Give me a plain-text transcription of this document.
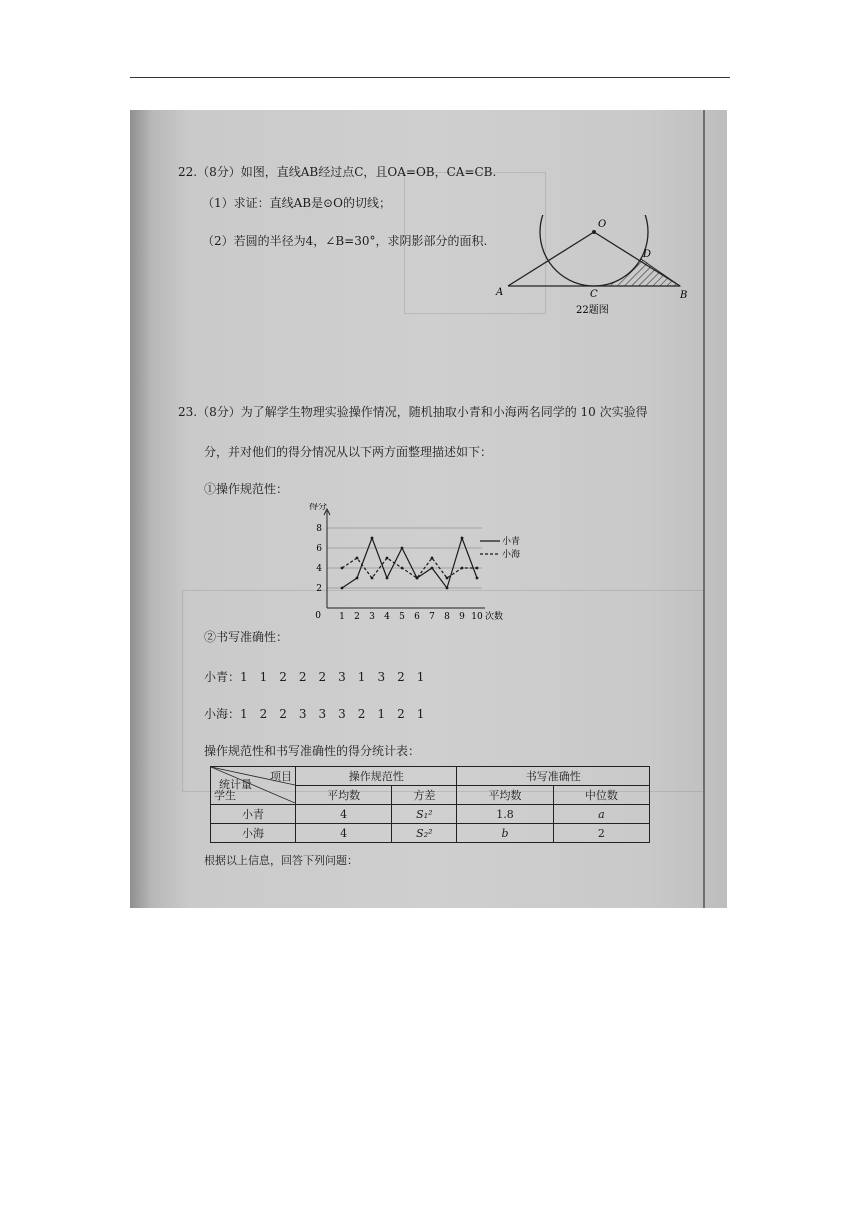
22.（8分）如图，直线AB经过点C，且OA=OB，CA=CB.
（1）求证：直线AB是⊙O的切线；
（2）若圆的半径为4，∠B=30°，求阴影部分的面积.
O
A	B
C
D
22题图
23.（8分）为了解学生物理实验操作情况，随机抽取小青和小海两名同学的 10 次实验得
分，并对他们的得分情况从以下两方面整理描述如下：
①操作规范性：
2
4
6
8
0 1 2 3 4 5 6 7 8 9 10 次数
得分
小青
小海
②书写准确性：
小青：1　1　2　2　2　3　1　3　2　1
小海：1　2　2　3　3　3　2　1　2　1
操作规范性和书写准确性的得分统计表：
项目
统计量
学生	操作规范性		书写准确性	
	平均数	方差	平均数	中位数
小青	4	S₁²	1.8	a
小海	4	S₂²	b	2
根据以上信息，回答下列问题：
